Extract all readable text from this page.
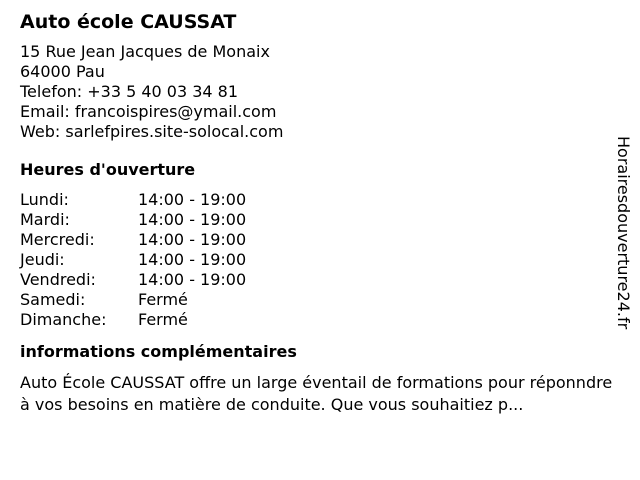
Auto école CAUSSAT
15 Rue Jean Jacques de Monaix
64000 Pau
Telefon: +33 5 40 03 34 81
Email: francoispires@ymail.com
Web: sarlefpires.site-solocal.com
Heures d'ouverture
Lundi:	14:00 - 19:00
Mardi:	14:00 - 19:00
Mercredi:	14:00 - 19:00
Jeudi:	14:00 - 19:00
Vendredi:	14:00 - 19:00
Samedi:	Fermé
Dimanche:	Fermé
informations complémentaires
Auto École CAUSSAT offre un large éventail de formations pour réponndre à vos besoins en matière de conduite. Que vous souhaitiez p...
Horairesdouverture24.fr
